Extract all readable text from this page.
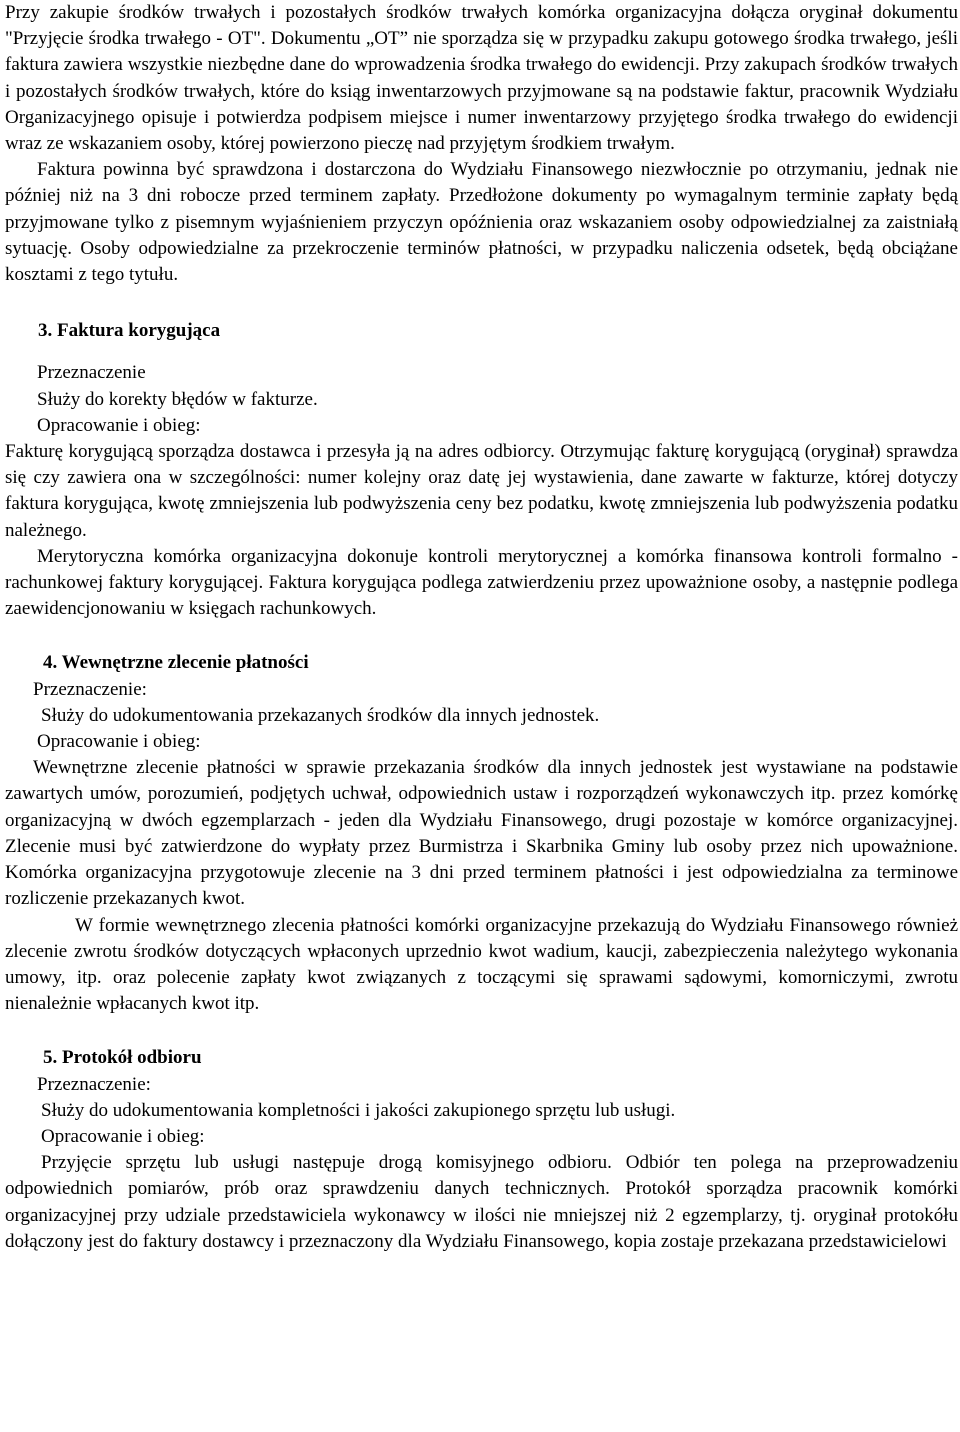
Przy zakupie środków trwałych i pozostałych środków trwałych komórka organizacyjna dołącza oryginał dokumentu "Przyjęcie środka trwałego - OT". Dokumentu „OT” nie sporządza się w przypadku zakupu gotowego środka trwałego, jeśli faktura zawiera wszystkie niezbędne dane do wprowadzenia środka trwałego do ewidencji. Przy zakupach środków trwałych i pozostałych środków trwałych, które do ksiąg inwentarzowych przyjmowane są na podstawie faktur, pracownik Wydziału Organizacyjnego opisuje i potwierdza podpisem miejsce i numer inwentarzowy przyjętego środka trwałego do ewidencji wraz ze wskazaniem osoby, której powierzono pieczę nad przyjętym środkiem trwałym.

Faktura powinna być sprawdzona i dostarczona do Wydziału Finansowego niezwłocznie po otrzymaniu, jednak nie później niż na 3 dni robocze przed terminem zapłaty. Przedłożone dokumenty po wymagalnym terminie zapłaty będą przyjmowane tylko z pisemnym wyjaśnieniem przyczyn opóźnienia oraz wskazaniem osoby odpowiedzialnej za zaistniałą sytuację. Osoby odpowiedzialne za przekroczenie terminów płatności, w przypadku naliczenia odsetek, będą obciążane kosztami z tego tytułu.

3. Faktura korygująca

Przeznaczenie

Służy do korekty błędów w fakturze.

Opracowanie i obieg:

Fakturę korygującą sporządza dostawca i przesyła ją na adres odbiorcy. Otrzymując fakturę korygującą (oryginał) sprawdza się czy zawiera ona w szczególności: numer kolejny oraz datę jej wystawienia, dane zawarte w fakturze, której dotyczy faktura korygująca, kwotę zmniejszenia lub podwyższenia ceny bez podatku, kwotę zmniejszenia lub podwyższenia podatku należnego.

Merytoryczna komórka organizacyjna dokonuje kontroli merytorycznej a komórka finansowa kontroli formalno - rachunkowej faktury korygującej. Faktura korygująca podlega zatwierdzeniu przez upoważnione osoby, a następnie podlega zaewidencjonowaniu w księgach rachunkowych.

4. Wewnętrzne zlecenie płatności

Przeznaczenie:

Służy do udokumentowania przekazanych środków dla innych jednostek.

Opracowanie i obieg:

Wewnętrzne zlecenie płatności w sprawie przekazania środków dla innych jednostek jest wystawiane na podstawie zawartych umów, porozumień, podjętych uchwał, odpowiednich ustaw i rozporządzeń wykonawczych itp. przez komórkę organizacyjną w dwóch egzemplarzach - jeden dla Wydziału Finansowego, drugi pozostaje w komórce organizacyjnej. Zlecenie musi być zatwierdzone do wypłaty przez Burmistrza i Skarbnika Gminy lub osoby przez nich upoważnione. Komórka organizacyjna przygotowuje zlecenie na 3 dni przed terminem płatności i jest odpowiedzialna za terminowe rozliczenie przekazanych kwot.

W formie wewnętrznego zlecenia płatności komórki organizacyjne przekazują do Wydziału Finansowego również zlecenie zwrotu środków dotyczących wpłaconych uprzednio kwot wadium, kaucji, zabezpieczenia należytego wykonania umowy, itp. oraz polecenie zapłaty kwot związanych z toczącymi się sprawami sądowymi, komorniczymi, zwrotu nienależnie wpłacanych kwot itp.

5. Protokół odbioru

Przeznaczenie:

Służy do udokumentowania kompletności i jakości zakupionego sprzętu lub usługi.

Opracowanie i obieg:

Przyjęcie sprzętu lub usługi następuje drogą komisyjnego odbioru. Odbiór ten polega na przeprowadzeniu odpowiednich pomiarów, prób oraz sprawdzeniu danych technicznych. Protokół sporządza pracownik komórki organizacyjnej przy udziale przedstawiciela wykonawcy w ilości nie mniejszej niż 2 egzemplarzy, tj. oryginał protokółu dołączony jest do faktury dostawcy i przeznaczony dla Wydziału Finansowego, kopia zostaje przekazana przedstawicielowi
